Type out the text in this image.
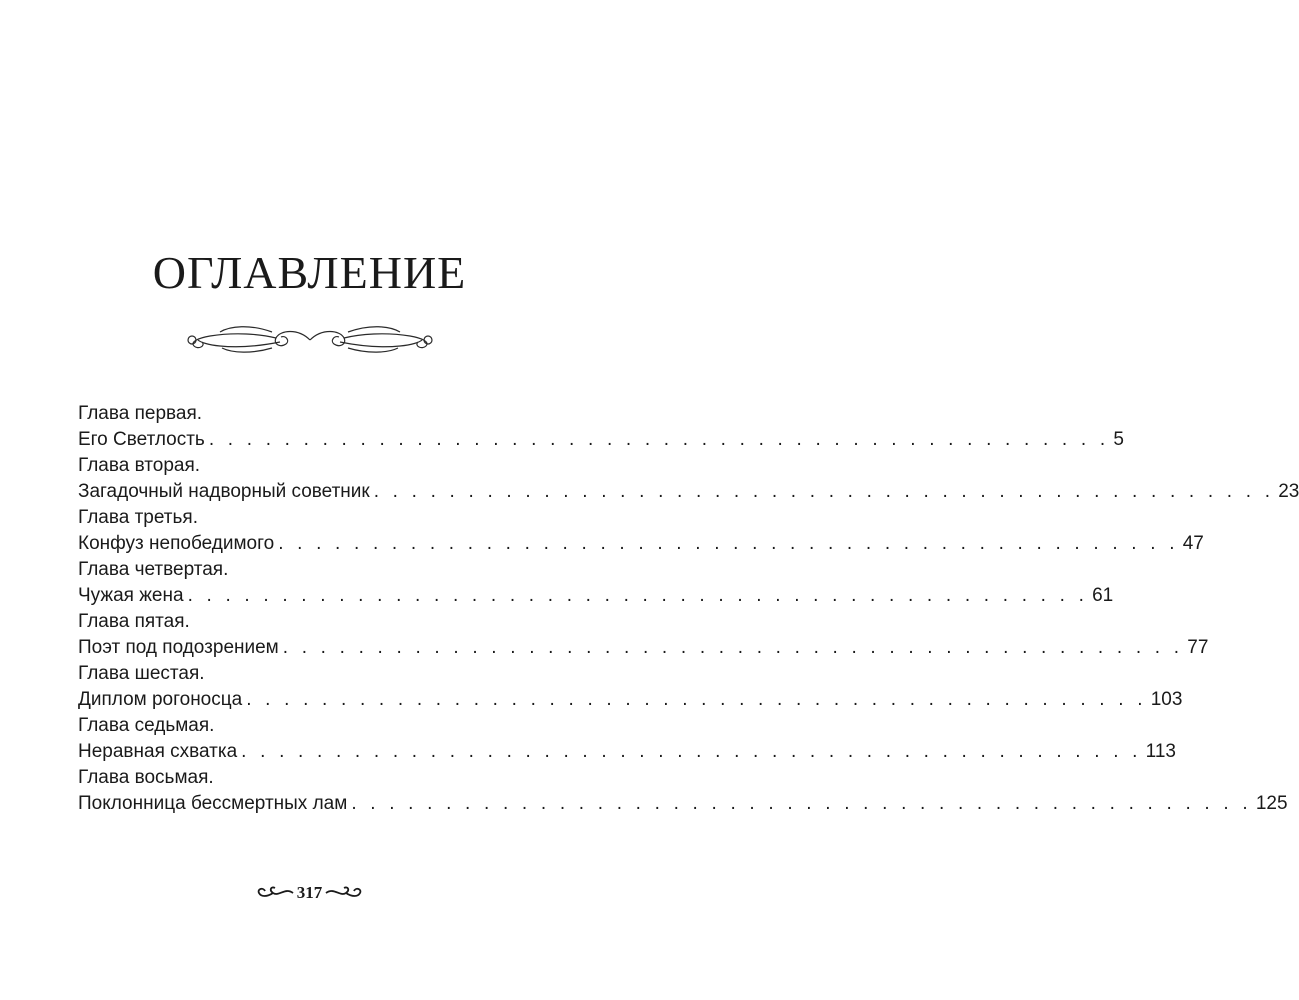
ОГЛАВЛЕНИЕ
Глава первая.
Его Светлость . . . . . . . . . . . . . . . . . . . . . . . . . . . . . . . . . . . . . . . . . . . . . . . . 5
Глава вторая.
Загадочный надворный советник . . . . . . . . . . . . . . . . . . . . . . . . . . . . . . . . . . . . . . . . . . . . . . . . 23
Глава третья.
Конфуз непобедимого . . . . . . . . . . . . . . . . . . . . . . . . . . . . . . . . . . . . . . . . . . . . . . . . 47
Глава четвертая.
Чужая жена . . . . . . . . . . . . . . . . . . . . . . . . . . . . . . . . . . . . . . . . . . . . . . . . 61
Глава пятая.
Поэт под подозрением . . . . . . . . . . . . . . . . . . . . . . . . . . . . . . . . . . . . . . . . . . . . . . . . 77
Глава шестая.
Диплом рогоносца . . . . . . . . . . . . . . . . . . . . . . . . . . . . . . . . . . . . . . . . . . . . . . . . 103
Глава седьмая.
Неравная схватка . . . . . . . . . . . . . . . . . . . . . . . . . . . . . . . . . . . . . . . . . . . . . . . . 113
Глава восьмая.
Поклонница бессмертных лам . . . . . . . . . . . . . . . . . . . . . . . . . . . . . . . . . . . . . . . . . . . . . . . . 125
317
